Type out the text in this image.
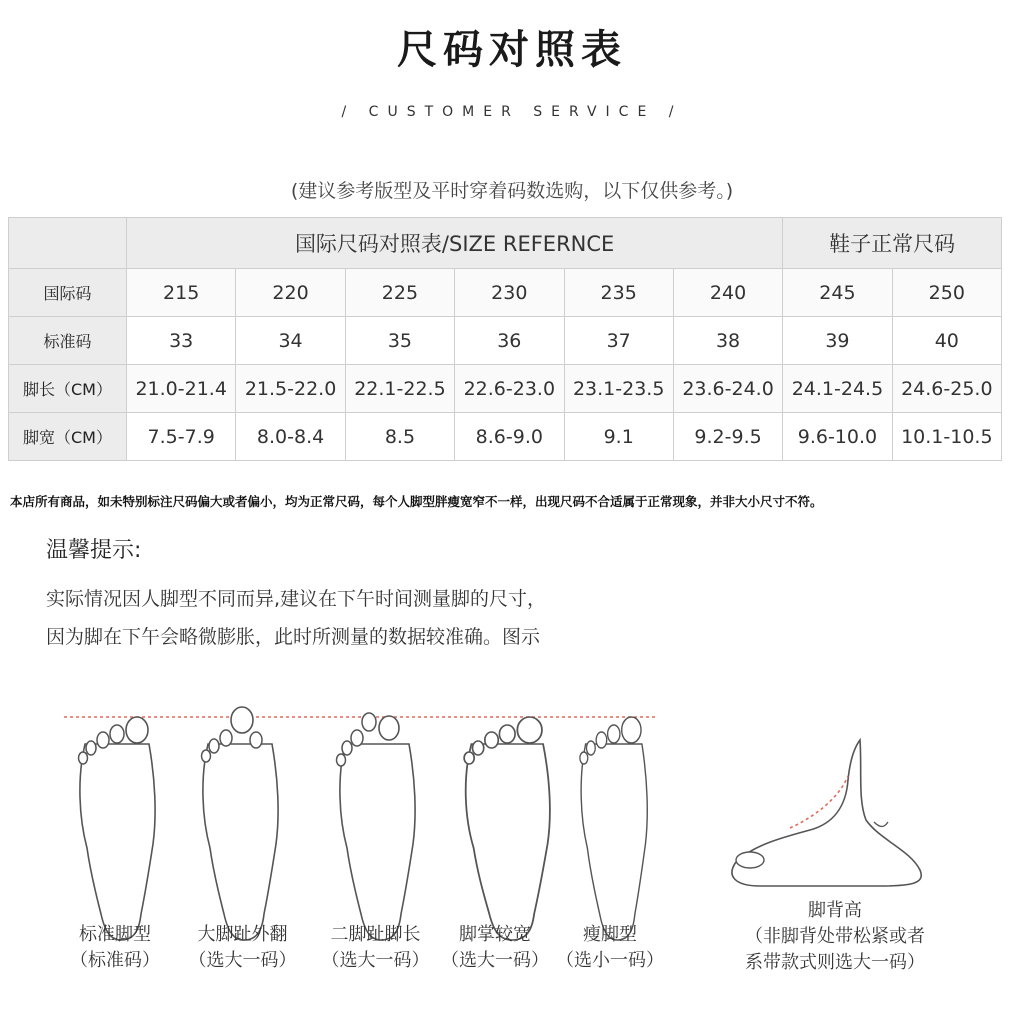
尺码对照表
/ CUSTOMER SERVICE /
(建议参考版型及平时穿着码数选购，以下仅供参考。)
	国际尺码对照表/SIZE REFERNCE						鞋子正常尺码	
国际码	215	220	225	230	235	240	245	250
标准码	33	34	35	36	37	38	39	40
脚长（CM）	21.0-21.4	21.5-22.0	22.1-22.5	22.6-23.0	23.1-23.5	23.6-24.0	24.1-24.5	24.6-25.0
脚宽（CM）	7.5-7.9	8.0-8.4	8.5	8.6-9.0	9.1	9.2-9.5	9.6-10.0	10.1-10.5
本店所有商品，如未特别标注尺码偏大或者偏小，均为正常尺码，每个人脚型胖瘦宽窄不一样，出现尺码不合适属于正常现象，并非大小尺寸不符。
温馨提示:
实际情况因人脚型不同而异,建议在下午时间测量脚的尺寸，
因为脚在下午会略微膨胀，此时所测量的数据较准确。图示
标准脚型
（标准码）
大脚趾外翻
（选大一码）
二脚趾脚长
（选大一码）
脚掌较宽
（选大一码）
瘦脚型
（选小一码）
脚背高
（非脚背处带松紧或者
系带款式则选大一码）
